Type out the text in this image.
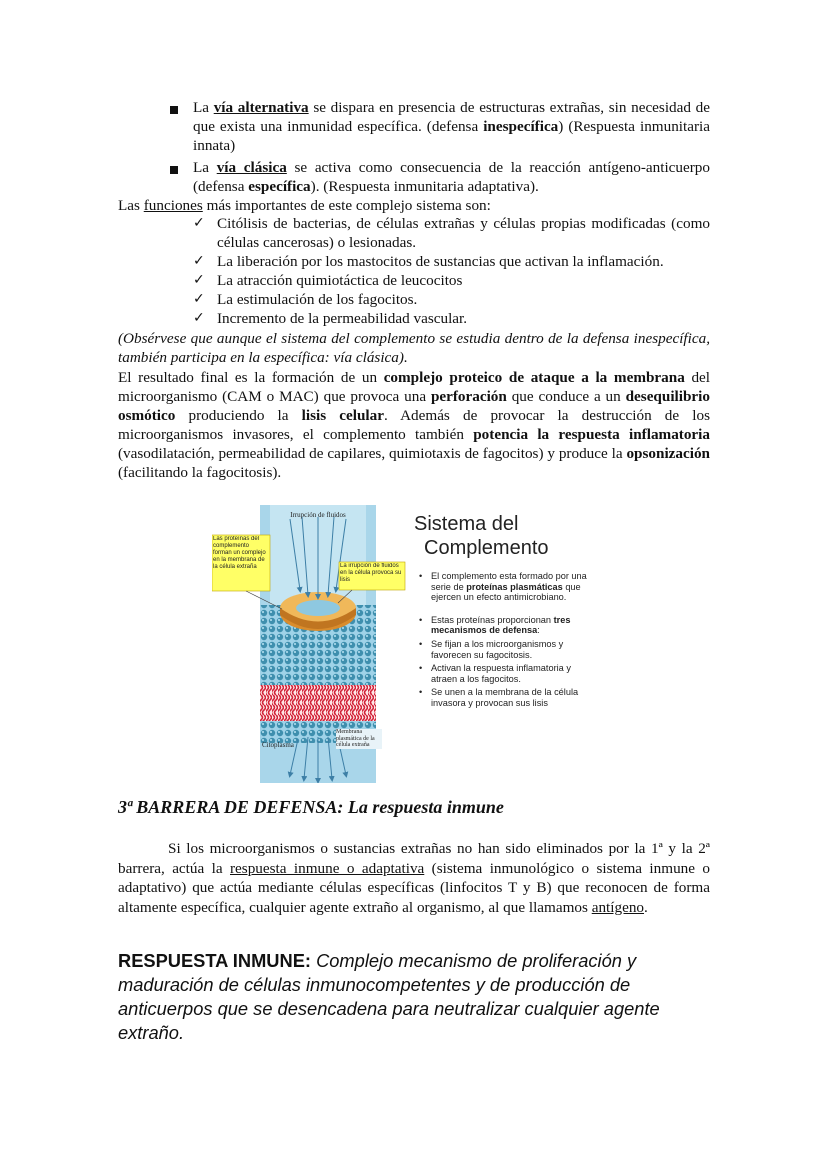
La vía alternativa se dispara en presencia de estructuras extrañas, sin necesidad de que exista una inmunidad específica. (defensa inespecífica) (Respuesta inmunitaria innata)
La vía clásica se activa como consecuencia de la reacción antígeno-anticuerpo (defensa específica). (Respuesta inmunitaria adaptativa).
Las funciones más importantes de este complejo sistema son:
✓ Citólisis de bacterias, de células extrañas y células propias modificadas (como células cancerosas) o lesionadas.
✓ La liberación por los mastocitos de sustancias que activan la inflamación.
✓ La atracción quimiotáctica de leucocitos
✓ La estimulación de los fagocitos.
✓ Incremento de la permeabilidad vascular.
(Obsérvese que aunque el sistema del complemento se estudia dentro de la defensa inespecífica, también participa en la específica: vía clásica).
El resultado final es la formación de un complejo proteico de ataque a la membrana del microorganismo (CAM o MAC) que provoca una perforación que conduce a un desequilibrio osmótico produciendo la lisis celular. Además de provocar la destrucción de los microorganismos invasores, el complemento también potencia la respuesta inflamatoria (vasodilatación, permeabilidad de capilares, quimiotaxis de fagocitos) y produce la opsonización (facilitando la fagocitosis).
Irrupción de fluidos
Las proteínas del complemento forman un complejo en la membrana de la célula extraña	La irrupción de fluidos en la célula provoca su lisis
Citoplasma
Membrana plasmática de la célula extraña
Sistema del
Complemento
• El complemento esta formado por una serie de proteínas plasmáticas que ejercen un efecto antimicrobiano.
• Estas proteínas proporcionan tres mecanismos de defensa:
• Se fijan a los microorganismos y favorecen su fagocitosis.
• Activan la respuesta inflamatoria y atraen a los fagocitos.
• Se unen a la membrana de la célula invasora y provocan sus lisis
3ª BARRERA DE DEFENSA: La respuesta inmune
Si los microorganismos o sustancias extrañas no han sido eliminados por la 1ª y la 2ª barrera, actúa la respuesta inmune o adaptativa (sistema inmunológico o sistema inmune o adaptativo) que actúa mediante células específicas (linfocitos T y B) que reconocen de forma altamente específica, cualquier agente extraño al organismo, al que llamamos antígeno.
RESPUESTA INMUNE: Complejo mecanismo de proliferación y maduración de células inmunocompetentes y de producción de anticuerpos que se desencadena para neutralizar cualquier agente extraño.
